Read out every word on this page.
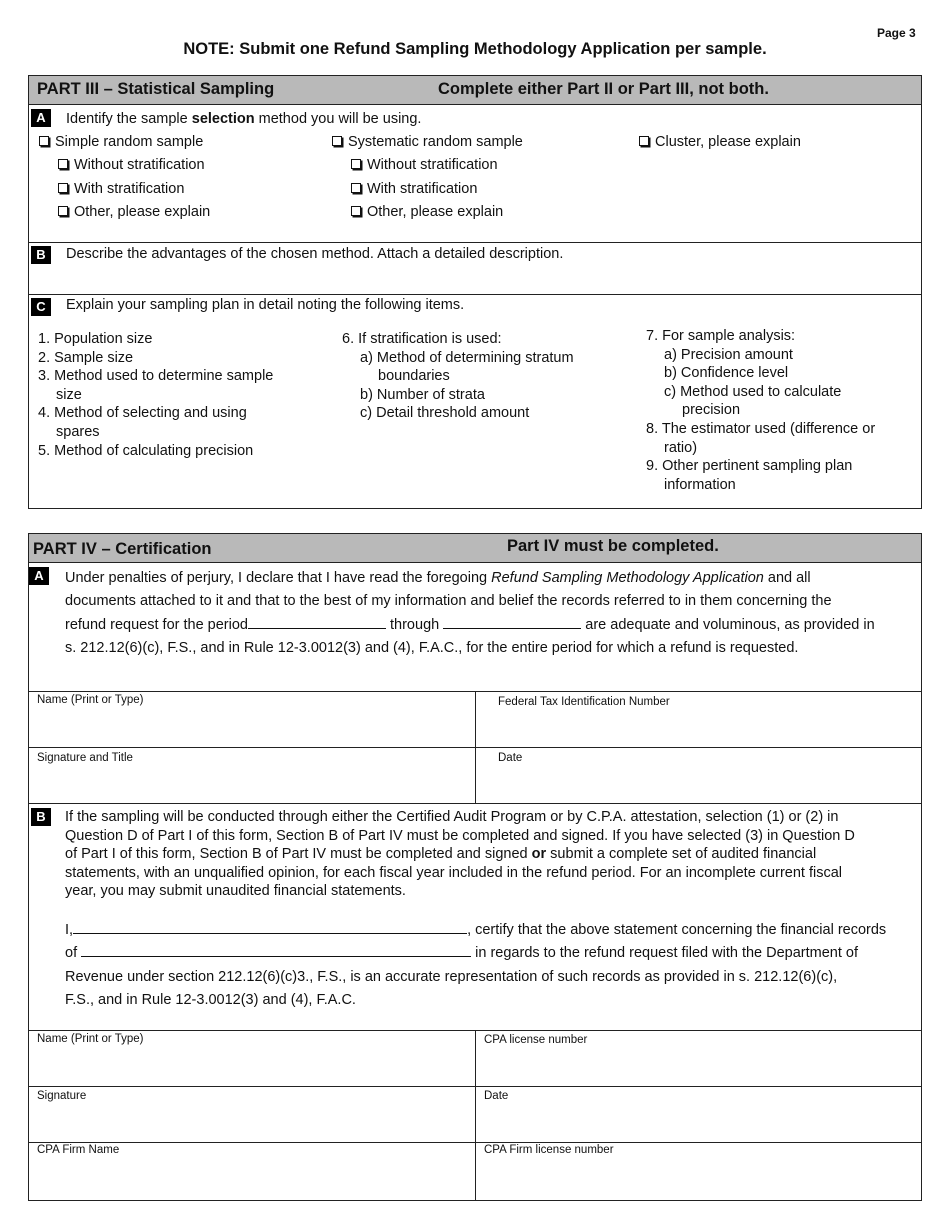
Page 3
NOTE: Submit one Refund Sampling Methodology Application per sample.
PART III – Statistical Sampling	Complete either Part II or Part III, not both.
A	Identify the sample selection method you will be using.
Simple random sample
Without stratification
With stratification
Other, please explain
Systematic random sample
Without stratification
With stratification
Other, please explain
Cluster, please explain
B	Describe the advantages of the chosen method. Attach a detailed description.
C	Explain your sampling plan in detail noting the following items.
1. Population size
2. Sample size
3. Method used to determine sample
size
4. Method of selecting and using
spares
5. Method of calculating precision
6. If stratification is used:
a) Method of determining stratum
boundaries
b) Number of strata
c) Detail threshold amount
7. For sample analysis:
a) Precision amount
b) Confidence level
c) Method used to calculate
precision
8. The estimator used (difference or
ratio)
9. Other pertinent sampling plan
information
PART IV – Certification	Part IV must be completed.
A	Under penalties of perjury, I declare that I have read the foregoing Refund Sampling Methodology Application and all
documents attached to it and that to the best of my information and belief the records referred to in them concerning the
refund request for the period	through	are adequate and voluminous, as provided in
s. 212.12(6)(c), F.S., and in Rule 12-3.0012(3) and (4), F.A.C., for the entire period for which a refund is requested.
Name (Print or Type)	Federal Tax Identification Number
Signature and Title	Date
B	If the sampling will be conducted through either the Certified Audit Program or by C.P.A. attestation, selection (1) or (2) in
Question D of Part I of this form, Section B of Part IV must be completed and signed. If you have selected (3) in Question D
of Part I of this form, Section B of Part IV must be completed and signed or submit a complete set of audited financial
statements, with an unqualified opinion, for each fiscal year included in the refund period. For an incomplete current fiscal
year, you may submit unaudited financial statements.
I,	, certify that the above statement concerning the financial records
of	in regards to the refund request filed with the Department of
Revenue under section 212.12(6)(c)3., F.S., is an accurate representation of such records as provided in s. 212.12(6)(c),
F.S., and in Rule 12-3.0012(3) and (4), F.A.C.
Name (Print or Type)	CPA license number
Signature	Date
CPA Firm Name	CPA Firm license number
